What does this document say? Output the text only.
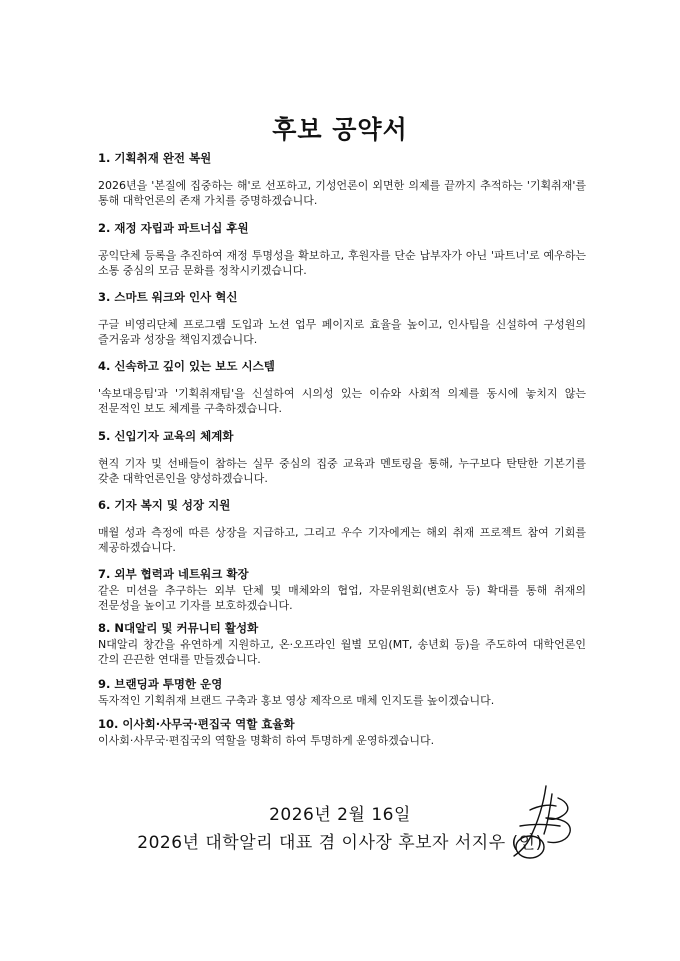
후보 공약서
1. 기획취재 완전 복원

2026년을 '본질에 집중하는 해'로 선포하고, 기성언론이 외면한 의제를 끝까지 추적하는 '기획취재'를 통해 대학언론의 존재 가치를 증명하겠습니다.

2. 재정 자립과 파트너십 후원

공익단체 등록을 추진하여 재정 투명성을 확보하고, 후원자를 단순 납부자가 아닌 '파트너'로 예우하는 소통 중심의 모금 문화를 정착시키겠습니다.

3. 스마트 워크와 인사 혁신

구글 비영리단체 프로그램 도입과 노션 업무 페이지로 효율을 높이고, 인사팀을 신설하여 구성원의 즐거움과 성장을 책임지겠습니다.

4. 신속하고 깊이 있는 보도 시스템

'속보대응팀'과 '기획취재팀'을 신설하여 시의성 있는 이슈와 사회적 의제를 동시에 놓치지 않는 전문적인 보도 체계를 구축하겠습니다.

5. 신입기자 교육의 체계화

현직 기자 및 선배들이 참하는 실무 중심의 집중 교육과 멘토링을 통해, 누구보다 탄탄한 기본기를 갖춘 대학언론인을 양성하겠습니다.

6. 기자 복지 및 성장 지원

매월 성과 측정에 따른 상장을 지급하고, 그리고 우수 기자에게는 해외 취재 프로젝트 참여 기회를 제공하겠습니다.

7. 외부 협력과 네트워크 확장

같은 미션을 추구하는 외부 단체 및 매체와의 협업, 자문위원회(변호사 등) 확대를 통해 취재의 전문성을 높이고 기자를 보호하겠습니다.

8. N대알리 및 커뮤니티 활성화

N대알리 창간을 유연하게 지원하고, 온·오프라인 월별 모임(MT, 송년회 등)을 주도하여 대학언론인 간의 끈끈한 연대를 만들겠습니다.

9. 브랜딩과 투명한 운영

독자적인 기획취재 브랜드 구축과 홍보 영상 제작으로 매체 인지도를 높이겠습니다.

10. 이사회·사무국·편집국 역할 효율화

이사회·사무국·편집국의 역할을 명확히 하여 투명하게 운영하겠습니다.

2026년 2월 16일
2026년 대학알리 대표 겸 이사장 후보자 서지우 (인)
